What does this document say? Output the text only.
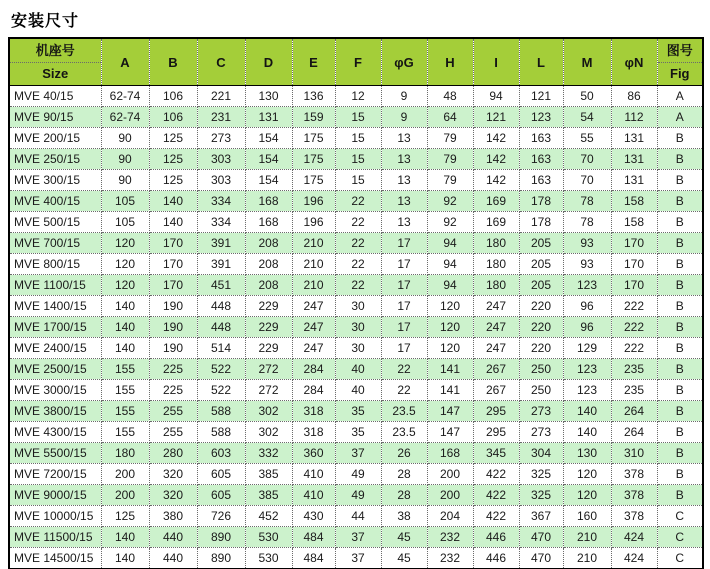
安装尺寸
机座号
Size
	A	B	C	D	E	F	φG	H	I	L	M	φN	
图号
Fig

MVE 40/15	62-74	106	221	130	136	12	9	48	94	121	50	86	A
MVE 90/15	62-74	106	231	131	159	15	9	64	121	123	54	112	A
MVE 200/15	90	125	273	154	175	15	13	79	142	163	55	131	B
MVE 250/15	90	125	303	154	175	15	13	79	142	163	70	131	B
MVE 300/15	90	125	303	154	175	15	13	79	142	163	70	131	B
MVE 400/15	105	140	334	168	196	22	13	92	169	178	78	158	B
MVE 500/15	105	140	334	168	196	22	13	92	169	178	78	158	B
MVE 700/15	120	170	391	208	210	22	17	94	180	205	93	170	B
MVE 800/15	120	170	391	208	210	22	17	94	180	205	93	170	B
MVE 1100/15	120	170	451	208	210	22	17	94	180	205	123	170	B
MVE 1400/15	140	190	448	229	247	30	17	120	247	220	96	222	B
MVE 1700/15	140	190	448	229	247	30	17	120	247	220	96	222	B
MVE 2400/15	140	190	514	229	247	30	17	120	247	220	129	222	B
MVE 2500/15	155	225	522	272	284	40	22	141	267	250	123	235	B
MVE 3000/15	155	225	522	272	284	40	22	141	267	250	123	235	B
MVE 3800/15	155	255	588	302	318	35	23.5	147	295	273	140	264	B
MVE 4300/15	155	255	588	302	318	35	23.5	147	295	273	140	264	B
MVE 5500/15	180	280	603	332	360	37	26	168	345	304	130	310	B
MVE 7200/15	200	320	605	385	410	49	28	200	422	325	120	378	B
MVE 9000/15	200	320	605	385	410	49	28	200	422	325	120	378	B
MVE 10000/15	125	380	726	452	430	44	38	204	422	367	160	378	C
MVE 11500/15	140	440	890	530	484	37	45	232	446	470	210	424	C
MVE 14500/15	140	440	890	530	484	37	45	232	446	470	210	424	C
